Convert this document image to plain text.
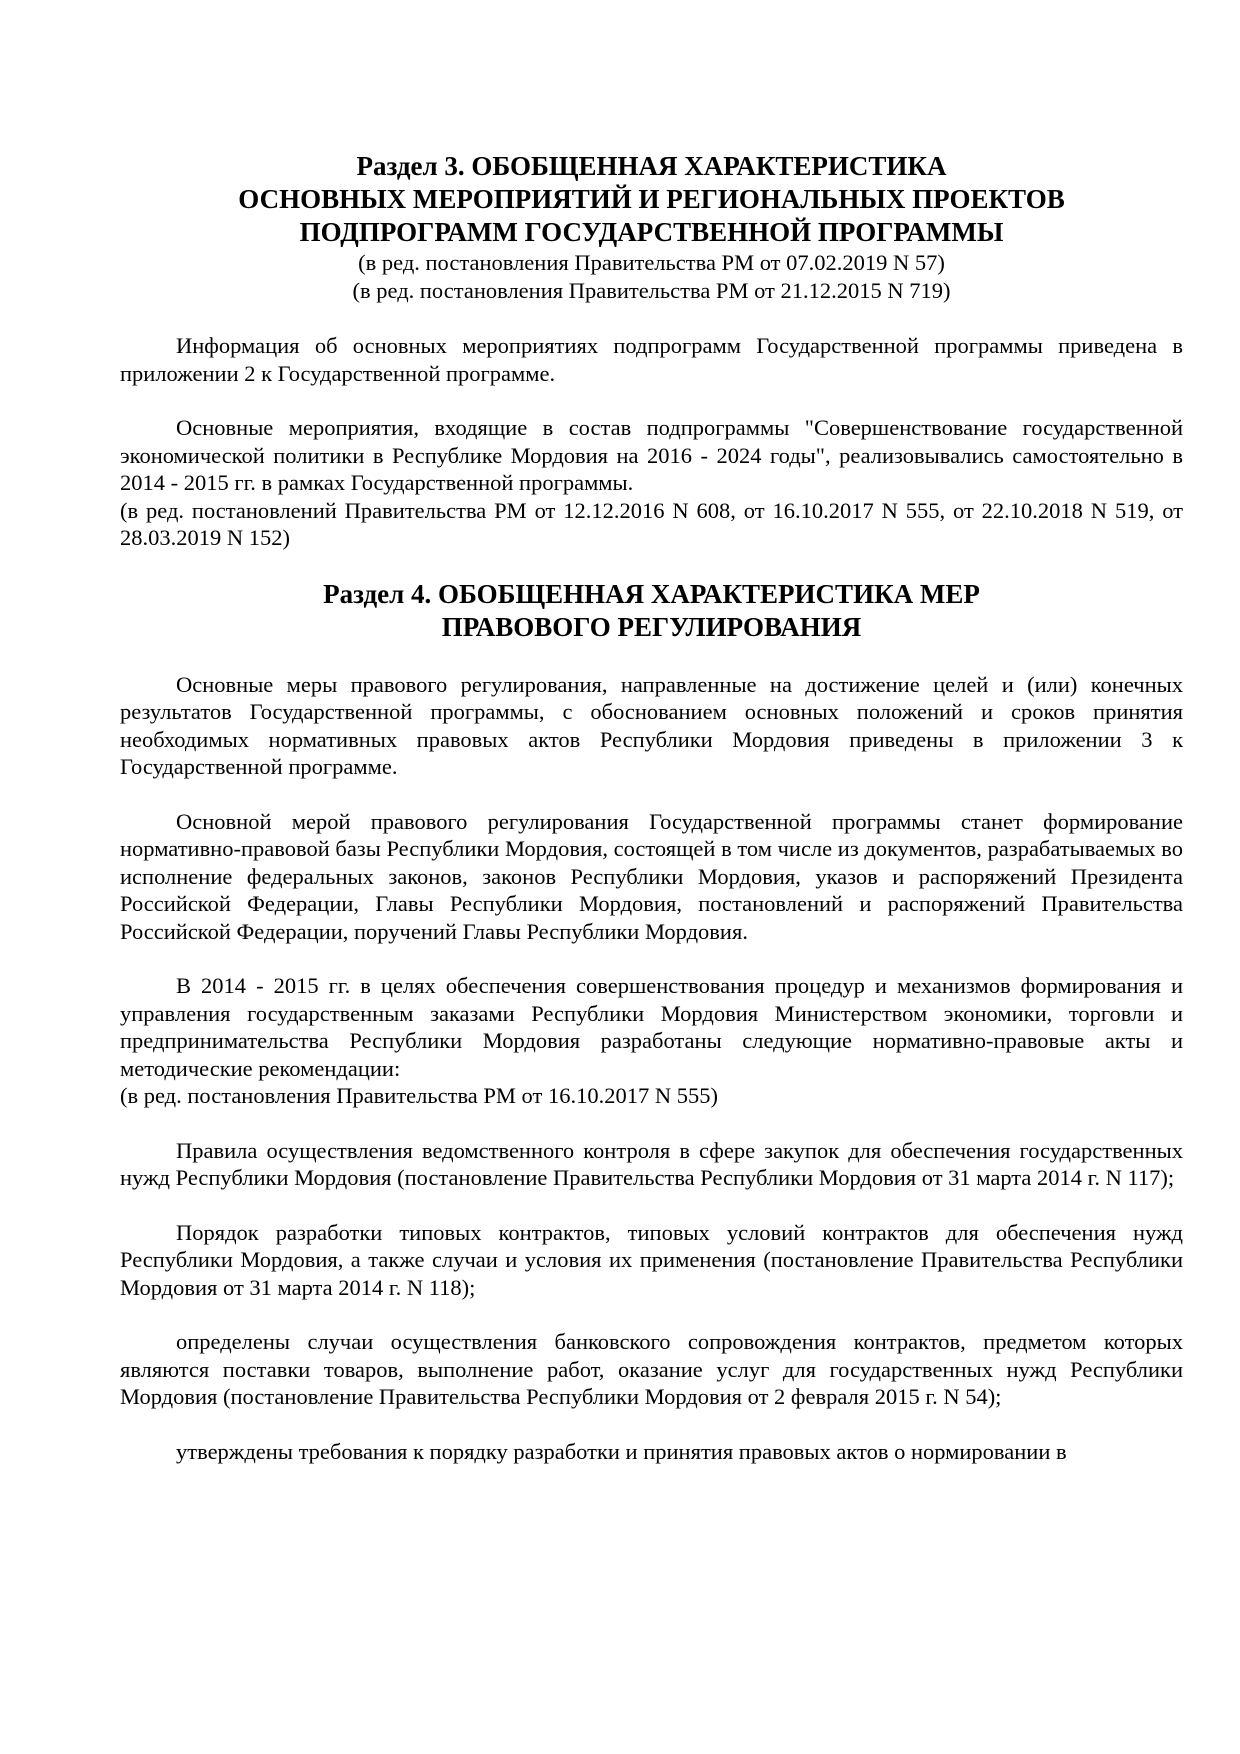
Раздел 3. ОБОБЩЕННАЯ ХАРАКТЕРИСТИКА
ОСНОВНЫХ МЕРОПРИЯТИЙ И РЕГИОНАЛЬНЫХ ПРОЕКТОВ
ПОДПРОГРАММ ГОСУДАРСТВЕННОЙ ПРОГРАММЫ
(в ред. постановления Правительства РМ от 07.02.2019 N 57)
(в ред. постановления Правительства РМ от 21.12.2015 N 719)

Информация об основных мероприятиях подпрограмм Государственной программы приведена в приложении 2 к Государственной программе.

Основные мероприятия, входящие в состав подпрограммы "Совершенствование государственной экономической политики в Республике Мордовия на 2016 - 2024 годы", реализовывались самостоятельно в 2014 - 2015 гг. в рамках Государственной программы.

(в ред. постановлений Правительства РМ от 12.12.2016 N 608, от 16.10.2017 N 555, от 22.10.2018 N 519, от 28.03.2019 N 152)

Раздел 4. ОБОБЩЕННАЯ ХАРАКТЕРИСТИКА МЕР
ПРАВОВОГО РЕГУЛИРОВАНИЯ

Основные меры правового регулирования, направленные на достижение целей и (или) конечных результатов Государственной программы, с обоснованием основных положений и сроков принятия необходимых нормативных правовых актов Республики Мордовия приведены в приложении 3 к Государственной программе.

Основной мерой правового регулирования Государственной программы станет формирование нормативно-правовой базы Республики Мордовия, состоящей в том числе из документов, разрабатываемых во исполнение федеральных законов, законов Республики Мордовия, указов и распоряжений Президента Российской Федерации, Главы Республики Мордовия, постановлений и распоряжений Правительства Российской Федерации, поручений Главы Республики Мордовия.

В 2014 - 2015 гг. в целях обеспечения совершенствования процедур и механизмов формирования и управления государственным заказами Республики Мордовия Министерством экономики, торговли и предпринимательства Республики Мордовия разработаны следующие нормативно-правовые акты и методические рекомендации:

(в ред. постановления Правительства РМ от 16.10.2017 N 555)

Правила осуществления ведомственного контроля в сфере закупок для обеспечения государственных нужд Республики Мордовия (постановление Правительства Республики Мордовия от 31 марта 2014 г. N 117);

Порядок разработки типовых контрактов, типовых условий контрактов для обеспечения нужд Республики Мордовия, а также случаи и условия их применения (постановление Правительства Республики Мордовия от 31 марта 2014 г. N 118);

определены случаи осуществления банковского сопровождения контрактов, предметом которых являются поставки товаров, выполнение работ, оказание услуг для государственных нужд Республики Мордовия (постановление Правительства Республики Мордовия от 2 февраля 2015 г. N 54);

утверждены требования к порядку разработки и принятия правовых актов о нормировании в
